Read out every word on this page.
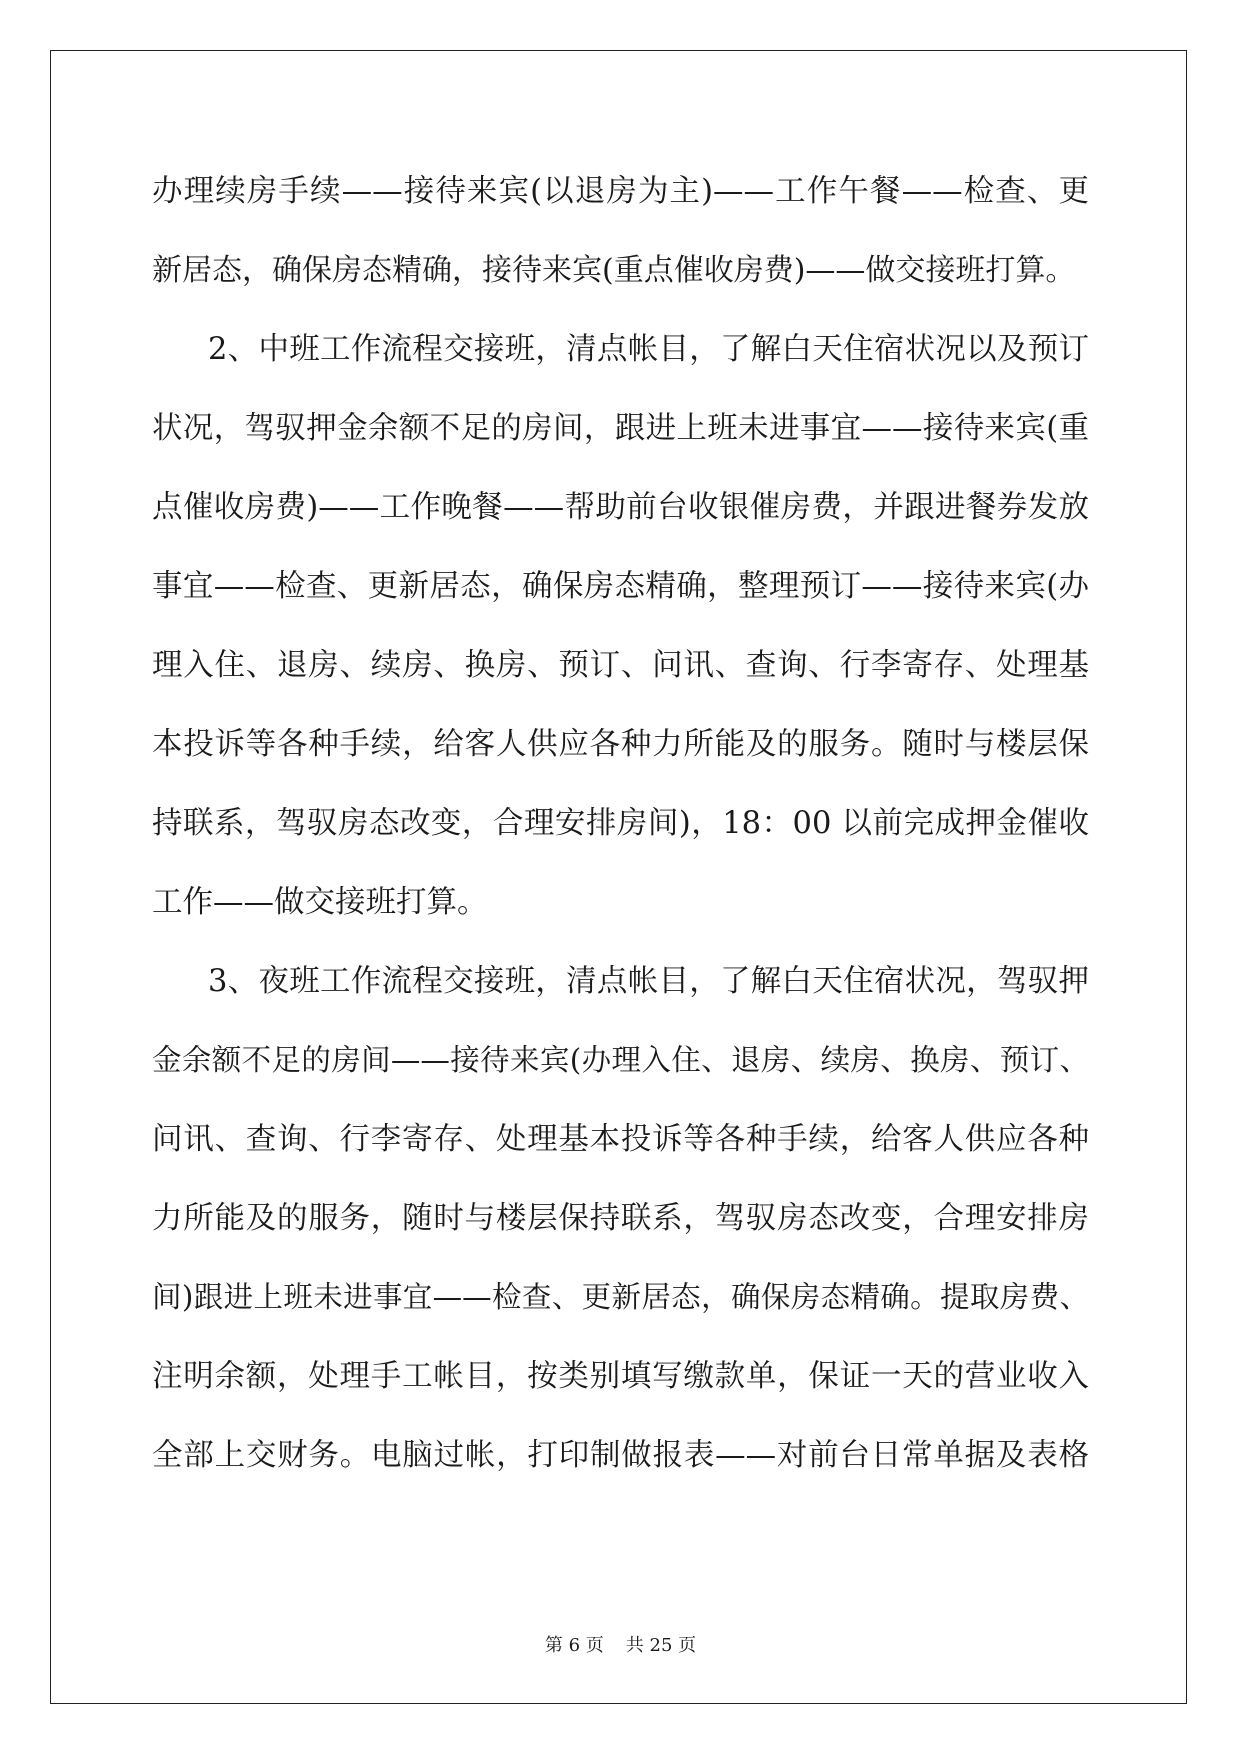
办理续房手续——接待来宾(以退房为主)——工作午餐——检查、更
新居态，确保房态精确，接待来宾(重点催收房费)——做交接班打算。
2、中班工作流程交接班，清点帐目，了解白天住宿状况以及预订
状况，驾驭押金余额不足的房间，跟进上班未进事宜——接待来宾(重
点催收房费)——工作晚餐——帮助前台收银催房费，并跟进餐券发放
事宜——检查、更新居态，确保房态精确，整理预订——接待来宾(办
理入住、退房、续房、换房、预订、问讯、查询、行李寄存、处理基
本投诉等各种手续，给客人供应各种力所能及的服务。随时与楼层保
持联系，驾驭房态改变，合理安排房间)，18：00 以前完成押金催收
工作——做交接班打算。
3、夜班工作流程交接班，清点帐目，了解白天住宿状况，驾驭押
金余额不足的房间——接待来宾(办理入住、退房、续房、换房、预订、
问讯、查询、行李寄存、处理基本投诉等各种手续，给客人供应各种
力所能及的服务，随时与楼层保持联系，驾驭房态改变，合理安排房
间)跟进上班未进事宜——检查、更新居态，确保房态精确。提取房费、
注明余额，处理手工帐目，按类别填写缴款单，保证一天的营业收入
全部上交财务。电脑过帐，打印制做报表——对前台日常单据及表格
第 6 页 共 25 页
